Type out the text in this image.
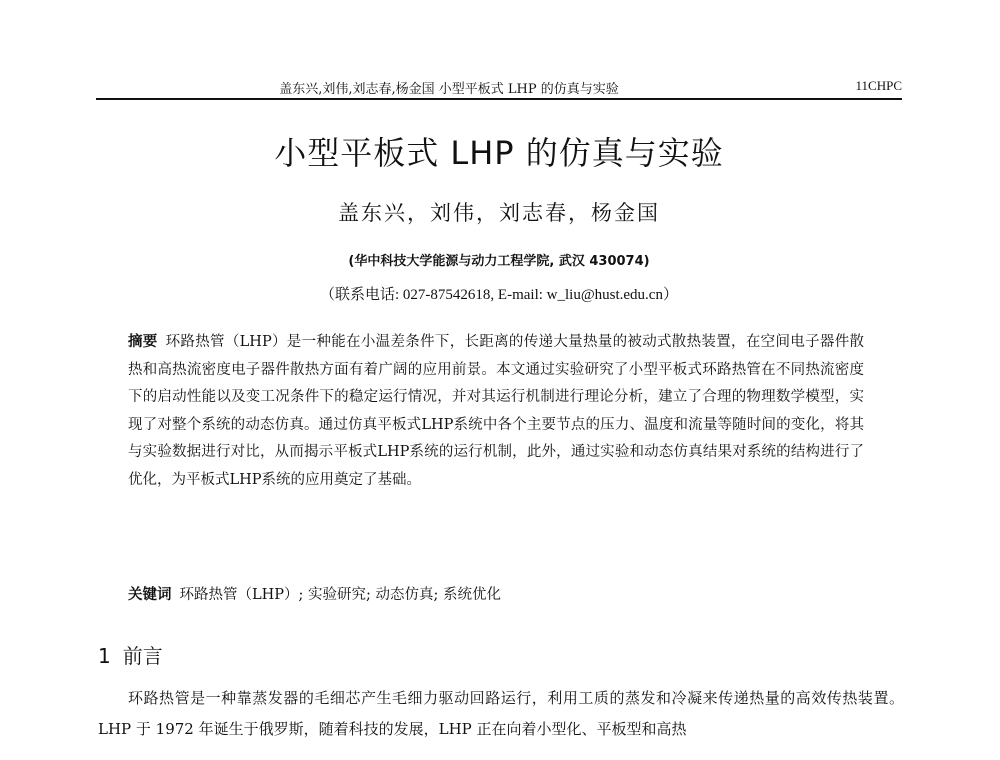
盖东兴,刘伟,刘志春,杨金国 小型平板式 LHP 的仿真与实验	11CHPC
小型平板式 LHP 的仿真与实验
盖东兴，刘伟，刘志春，杨金国
(华中科技大学能源与动力工程学院, 武汉 430074)
（联系电话: 027-87542618, E-mail: w_liu@hust.edu.cn）
摘要 环路热管（LHP）是一种能在小温差条件下，长距离的传递大量热量的被动式散热装置，在空间电子器件散热和高热流密度电子器件散热方面有着广阔的应用前景。本文通过实验研究了小型平板式环路热管在不同热流密度下的启动性能以及变工况条件下的稳定运行情况，并对其运行机制进行理论分析，建立了合理的物理数学模型，实现了对整个系统的动态仿真。通过仿真平板式LHP系统中各个主要节点的压力、温度和流量等随时间的变化，将其与实验数据进行对比，从而揭示平板式LHP系统的运行机制，此外，通过实验和动态仿真结果对系统的结构进行了优化，为平板式LHP系统的应用奠定了基础。
关键词 环路热管（LHP）; 实验研究; 动态仿真; 系统优化
1 前言
环路热管是一种靠蒸发器的毛细芯产生毛细力驱动回路运行，利用工质的蒸发和冷凝来传递热量的高效传热装置。LHP 于 1972 年诞生于俄罗斯，随着科技的发展，LHP 正在向着小型化、平板型和高热
